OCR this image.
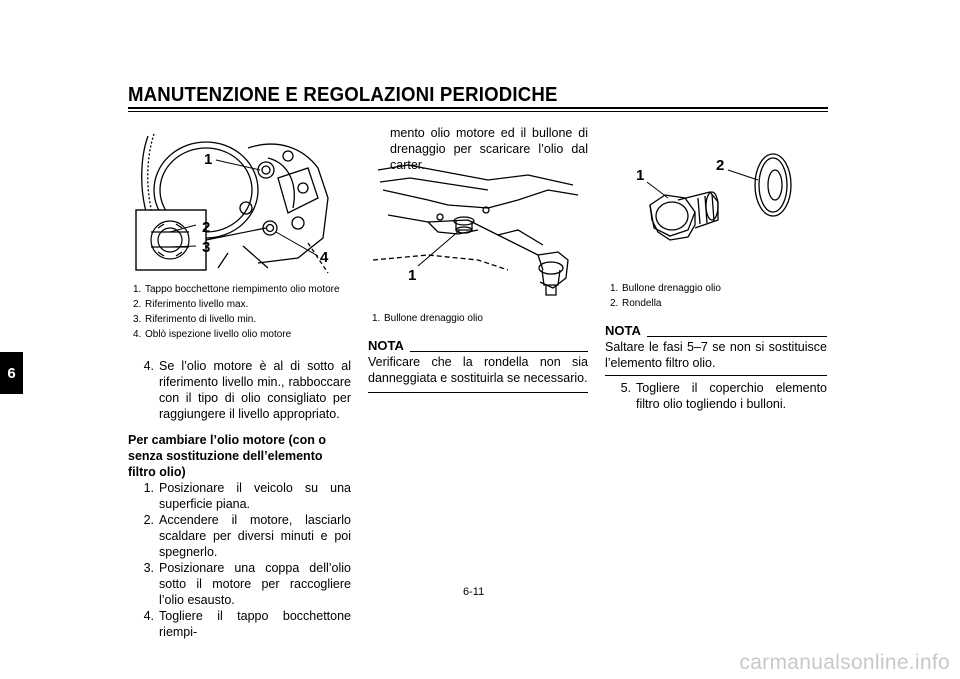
MANUTENZIONE E REGOLAZIONI PERIODICHE
6
1
2
3
4
1. Tappo bocchettone riempimento olio motore
2. Riferimento livello max.
3. Riferimento di livello min.
4. Oblò ispezione livello olio motore
4. Se l’olio motore è al di sotto al riferimento livello min., rabboccare con il tipo di olio consigliato per raggiungere il livello appropriato.
Per cambiare l’olio motore (con o senza sostituzione dell’elemento filtro olio)
1. Posizionare il veicolo su una superficie piana.
2. Accendere il motore, lasciarlo scaldare per diversi minuti e poi spegnerlo.
3. Posizionare una coppa dell’olio sotto il motore per raccogliere l’olio esausto.
4. Togliere il tappo bocchettone riempi-
mento olio motore ed il bullone di drenaggio per scaricare l’olio dal carter.
1
1. Bullone drenaggio olio
NOTA
Verificare che la rondella non sia danneggiata e sostituirla se necessario.
1
2
1. Bullone drenaggio olio
2. Rondella
NOTA
Saltare le fasi 5–7 se non si sostituisce l’elemento filtro olio.
5. Togliere il coperchio elemento filtro olio togliendo i bulloni.
6-11
carmanualsonline.info
